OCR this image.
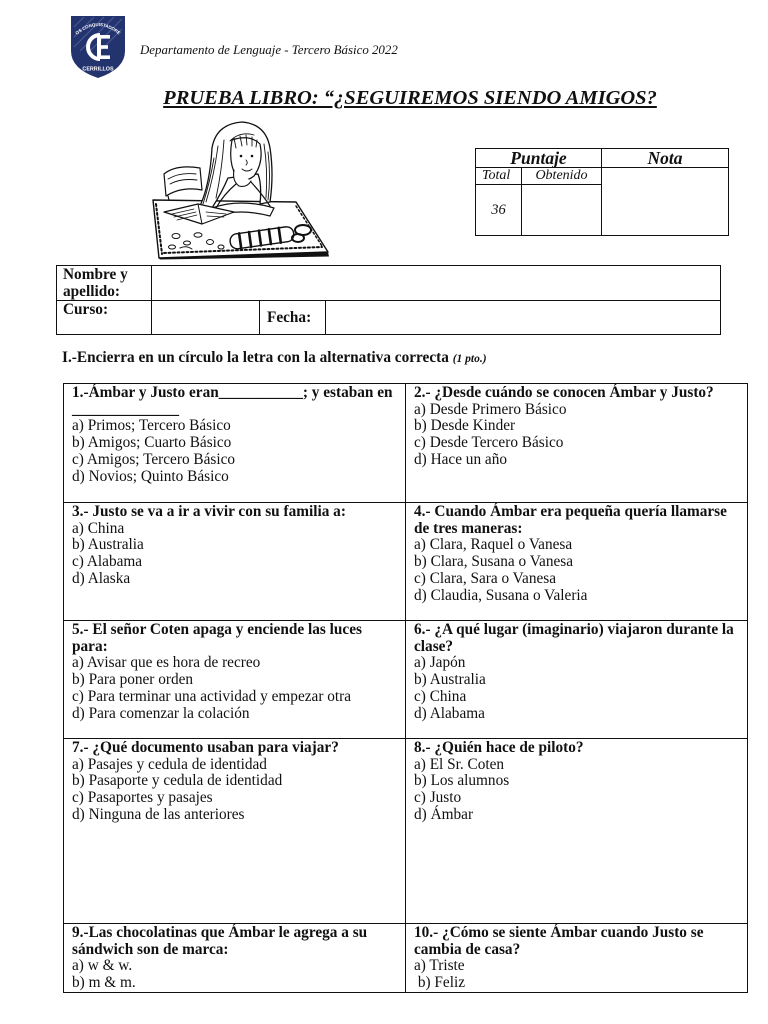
OS CONQUISTADORE
CERRILLOS
Departamento de Lenguaje - Tercero Básico 2022
PRUEBA LIBRO: “¿SEGUIREMOS SIENDO AMIGOS?
Puntaje		Nota
Total	Obtenido	
36		
Nombre y apellido:			
Curso:		Fecha:	
I.-Encierra en un círculo la letra con la alternativa correcta (1 pto.)
1.-Ámbar y Justo eran___________; y estaban en ______________
a) Primos; Tercero Básico
b) Amigos; Cuarto Básico
c) Amigos; Tercero Básico
d) Novios; Quinto Básico
2.- ¿Desde cuándo se conocen Ámbar y Justo?
a) Desde Primero Básico
b) Desde Kinder
c) Desde Tercero Básico
d) Hace un año
3.- Justo se va a ir a vivir con su familia a:
a) China
b) Australia
c) Alabama
d) Alaska
4.- Cuando Ámbar era pequeña quería llamarse de tres maneras:
a) Clara, Raquel o Vanesa
b) Clara, Susana o Vanesa
c) Clara, Sara o Vanesa
d) Claudia, Susana o Valeria
5.- El señor Coten apaga y enciende las luces para:
a) Avisar que es hora de recreo
b) Para poner orden
c) Para terminar una actividad y empezar otra
d) Para comenzar la colación
6.- ¿A qué lugar (imaginario) viajaron durante la clase?
a) Japón
b) Australia
c) China
d) Alabama
7.- ¿Qué documento usaban para viajar?
a) Pasajes y cedula de identidad
b) Pasaporte y cedula de identidad
c) Pasaportes y pasajes
d) Ninguna de las anteriores
8.- ¿Quién hace de piloto?
a) El Sr. Coten
b) Los alumnos
c) Justo
d) Ámbar
9.-Las chocolatinas que Ámbar le agrega a su sándwich son de marca:
a) w & w.
b) m & m.
10.- ¿Cómo se siente Ámbar cuando Justo se cambia de casa?
a) Triste
b) Feliz
